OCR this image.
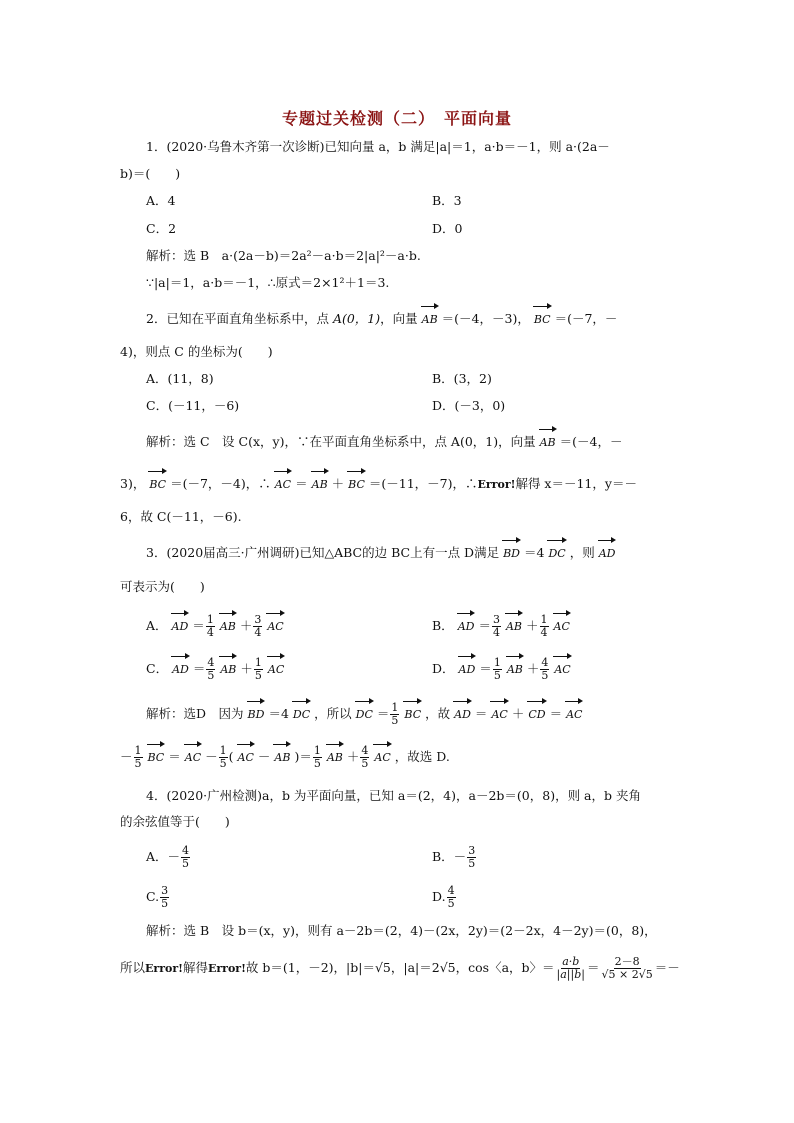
专题过关检测（二）　平面向量
1．(2020·乌鲁木齐第一次诊断)已知向量 a，b 满足|a|＝1，a·b＝－1，则 a·(2a－
b)＝(　　)
A．4	B．3
C．2	D．0
解析：选 B　a·(2a－b)＝2a²－a·b＝2|a|²－a·b.
∵|a|＝1，a·b＝－1，∴原式＝2×1²＋1＝3.
2．已知在平面直角坐标系中，点 A(0，1)，向量 AB ＝(－4，－3)， BC ＝(－7，－
4)，则点 C 的坐标为(　　)
A．(11，8)	B．(3，2)
C．(－11，－6)	D．(－3，0)
解析：选 C　设 C(x，y)，∵在平面直角坐标系中，点 A(0，1)，向量 AB ＝(－4，－
3)， BC ＝(－7，－4)，∴ AC ＝ AB ＋ BC ＝(－11，－7)，∴Error!解得 x＝－11，y＝－
6，故 C(－11，－6).
3．(2020届高三·广州调研)已知△ABC的边 BC上有一点 D满足 BD ＝4 DC ，则 AD
可表示为(　　)
A． AD ＝ $\frac{1}{4}$ AB ＋ $\frac{3}{4}$ AC	B． AD ＝ $\frac{3}{4}$ AB ＋ $\frac{1}{4}$ AC
C． AD ＝ $\frac{4}{5}$ AB ＋ $\frac{1}{5}$ AC	D． AD ＝ $\frac{1}{5}$ AB ＋ $\frac{4}{5}$ AC
解析：选D　因为 BD ＝4 DC ，所以 DC ＝ $\frac{1}{5}$ BC ，故 AD ＝ AC ＋ CD ＝ AC
－ $\frac{1}{5}$ BC ＝ AC － $\frac{1}{5}$ ( AC － AB )＝ $\frac{1}{5}$ AB ＋ $\frac{4}{5}$ AC ，故选 D.
4．(2020·广州检测)a，b 为平面向量，已知 a＝(2，4)，a－2b＝(0，8)，则 a，b 夹角
的余弦值等于(　　)
A．－ $\frac{4}{5}$	B．－ $\frac{3}{5}$
C. $\frac{3}{5}$	D. $\frac{4}{5}$
解析：选 B　设 b＝(x，y)，则有 a－2b＝(2，4)－(2x，2y)＝(2－2x，4－2y)＝(0，8)，
所以Error!解得Error!故 b＝(1，－2)，|b|＝√5，|a|＝2√5，cos〈a，b〉＝ $\frac{a\cdot b}{|a||b|} = \frac{2-8}{√5 \times 2√5}$ ＝－
